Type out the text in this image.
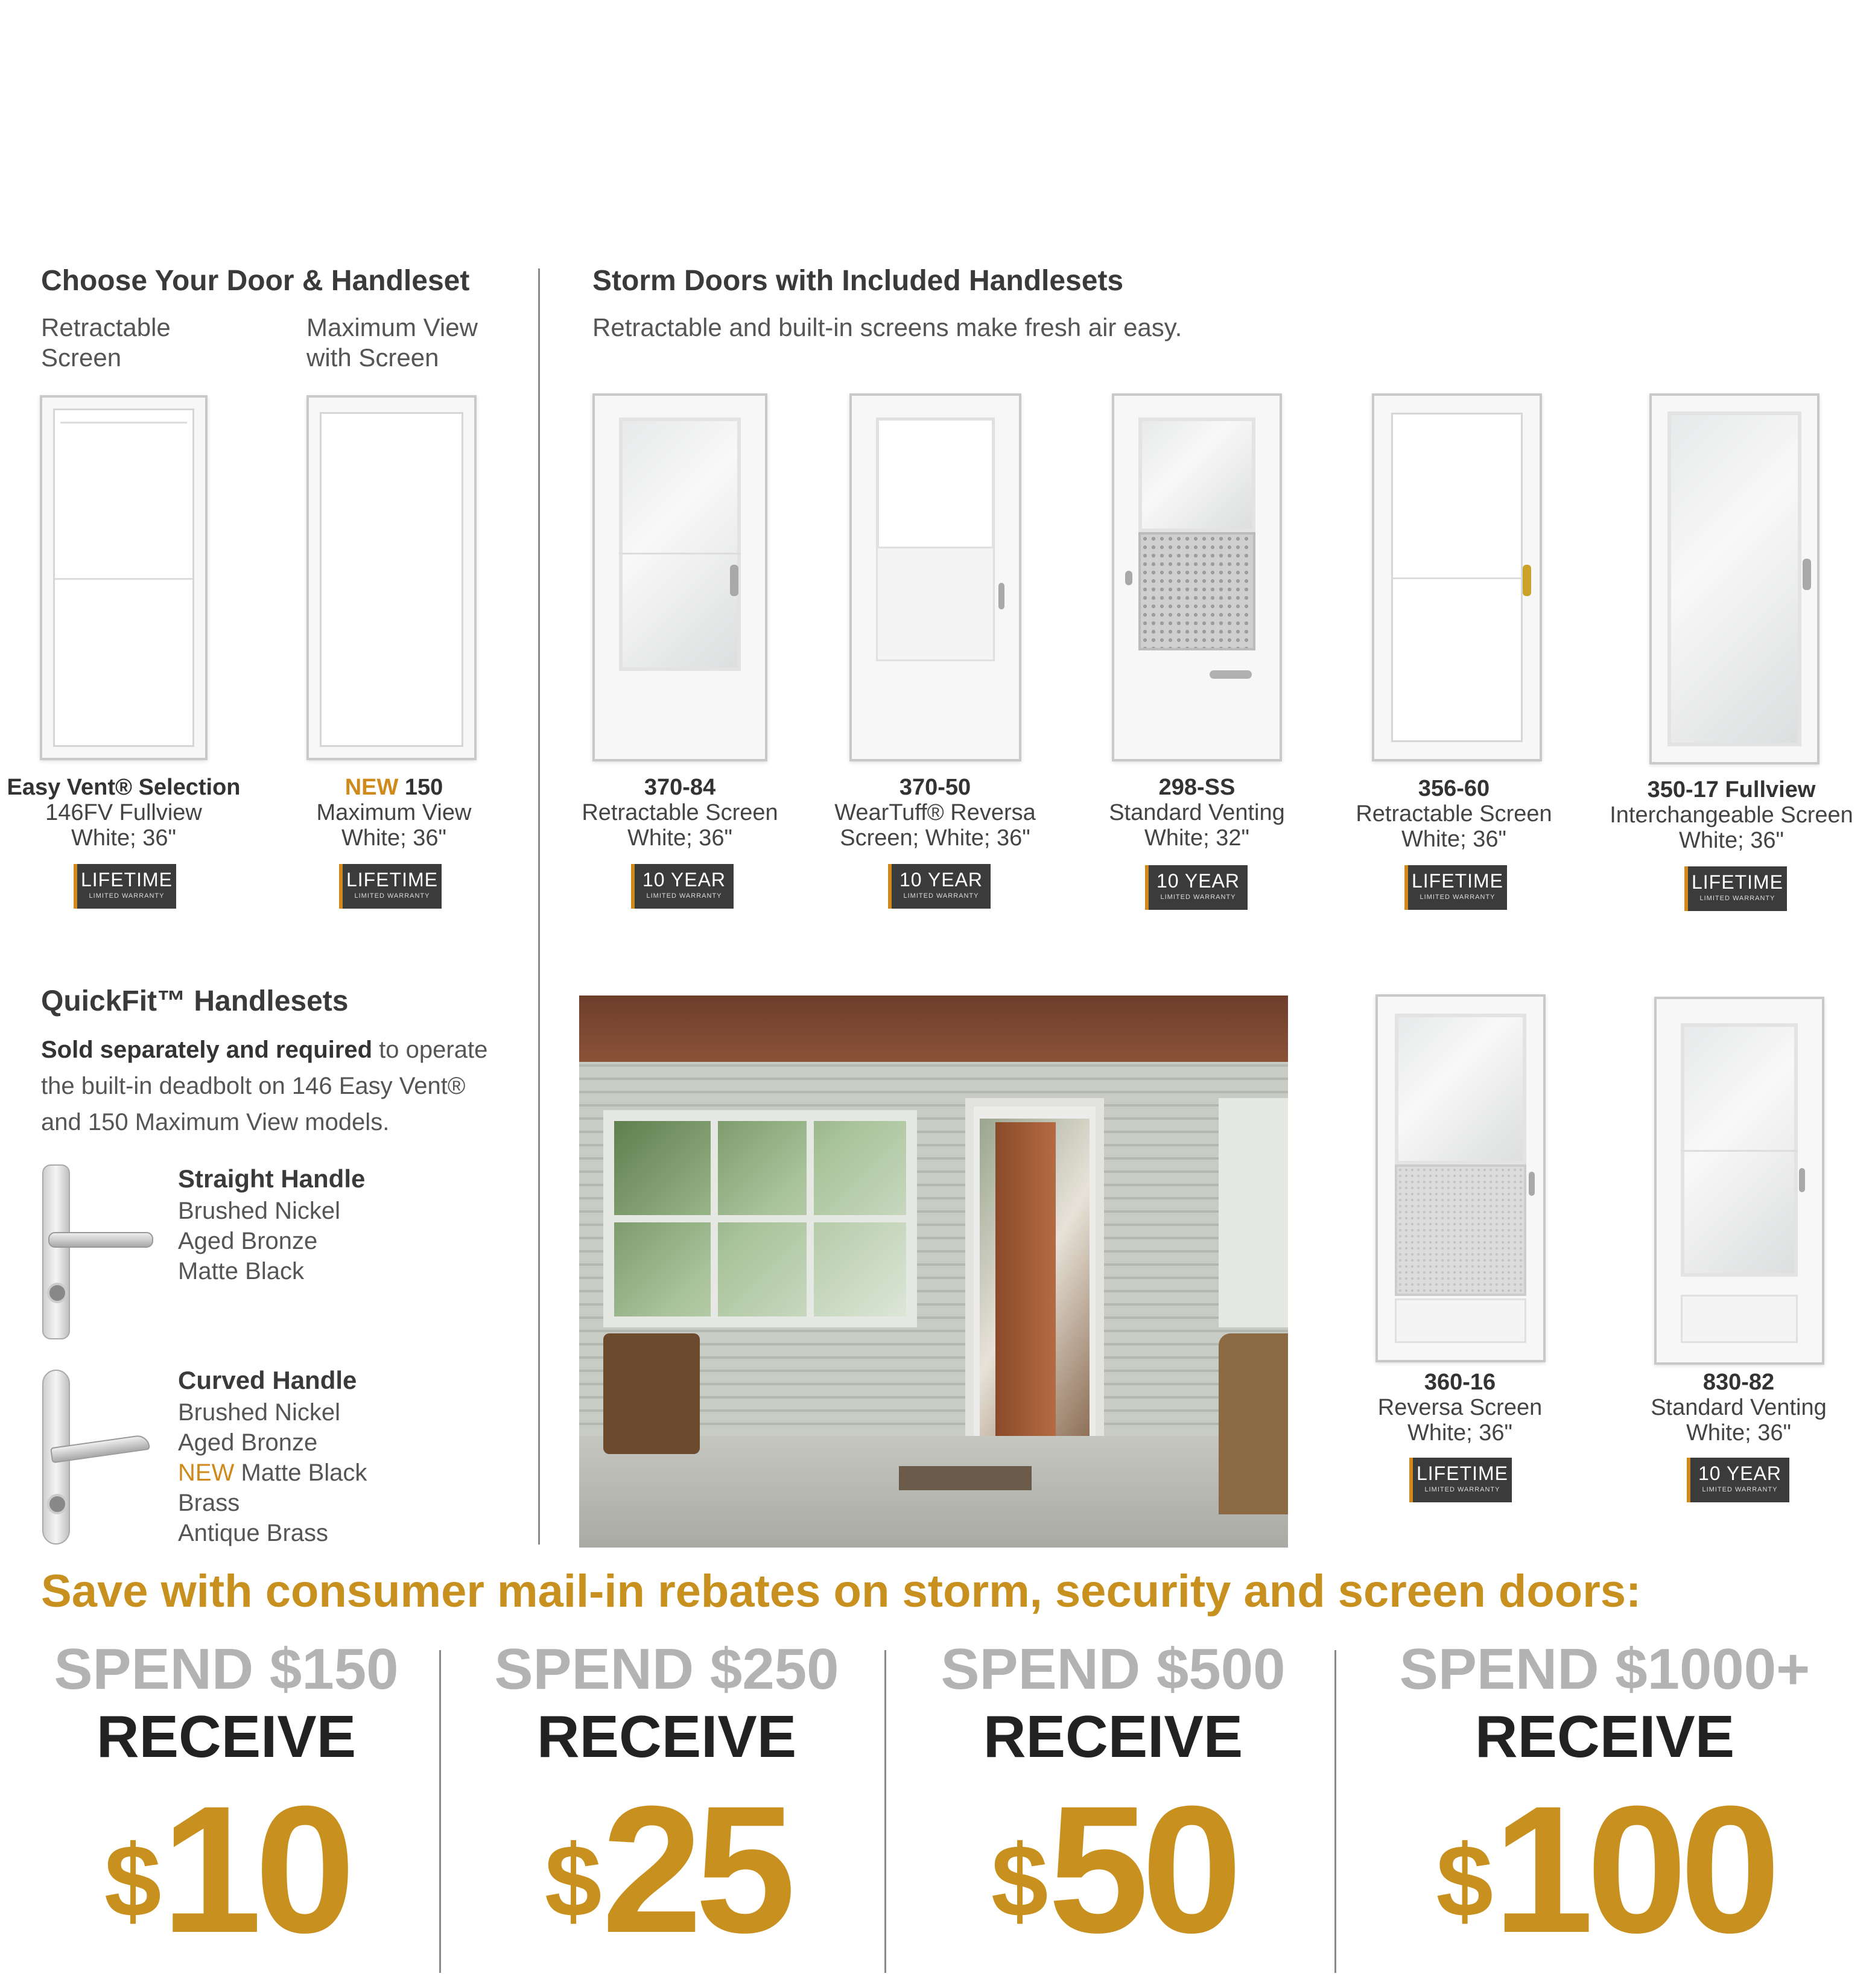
Choose Your Door & Handleset
Retractable
Screen
Maximum View
with Screen
Easy Vent® Selection
146FV Fullview
White; 36"
NEW 150
Maximum View
White; 36"
LIFETIME
LIMITED WARRANTY
LIFETIME
LIMITED WARRANTY
Storm Doors with Included Handlesets
Retractable and built-in screens make fresh air easy.
370-84
Retractable Screen
White; 36"
370-50
WearTuff® Reversa
Screen; White; 36"
298-SS
Standard Venting
White; 32"
356-60
Retractable Screen
White; 36"
350-17 Fullview
Interchangeable Screen
White; 36"
10 YEAR
LIMITED WARRANTY
10 YEAR
LIMITED WARRANTY
10 YEAR
LIMITED WARRANTY
LIFETIME
LIMITED WARRANTY
LIFETIME
LIMITED WARRANTY
QuickFit™ Handlesets
Sold separately and required to operate
the built-in deadbolt on 146 Easy Vent®
and 150 Maximum View models.
Straight Handle
Brushed Nickel
Aged Bronze
Matte Black
Curved Handle
Brushed Nickel
Aged Bronze
NEW Matte Black
Brass
Antique Brass
360-16
Reversa Screen
White; 36"
830-82
Standard Venting
White; 36"
LIFETIME
LIMITED WARRANTY
10 YEAR
LIMITED WARRANTY
Save with consumer mail-in rebates on storm, security and screen doors:
SPEND $150
RECEIVE
$10
SPEND $250
RECEIVE
$25
SPEND $500
RECEIVE
$50
SPEND $1000+
RECEIVE
$100
